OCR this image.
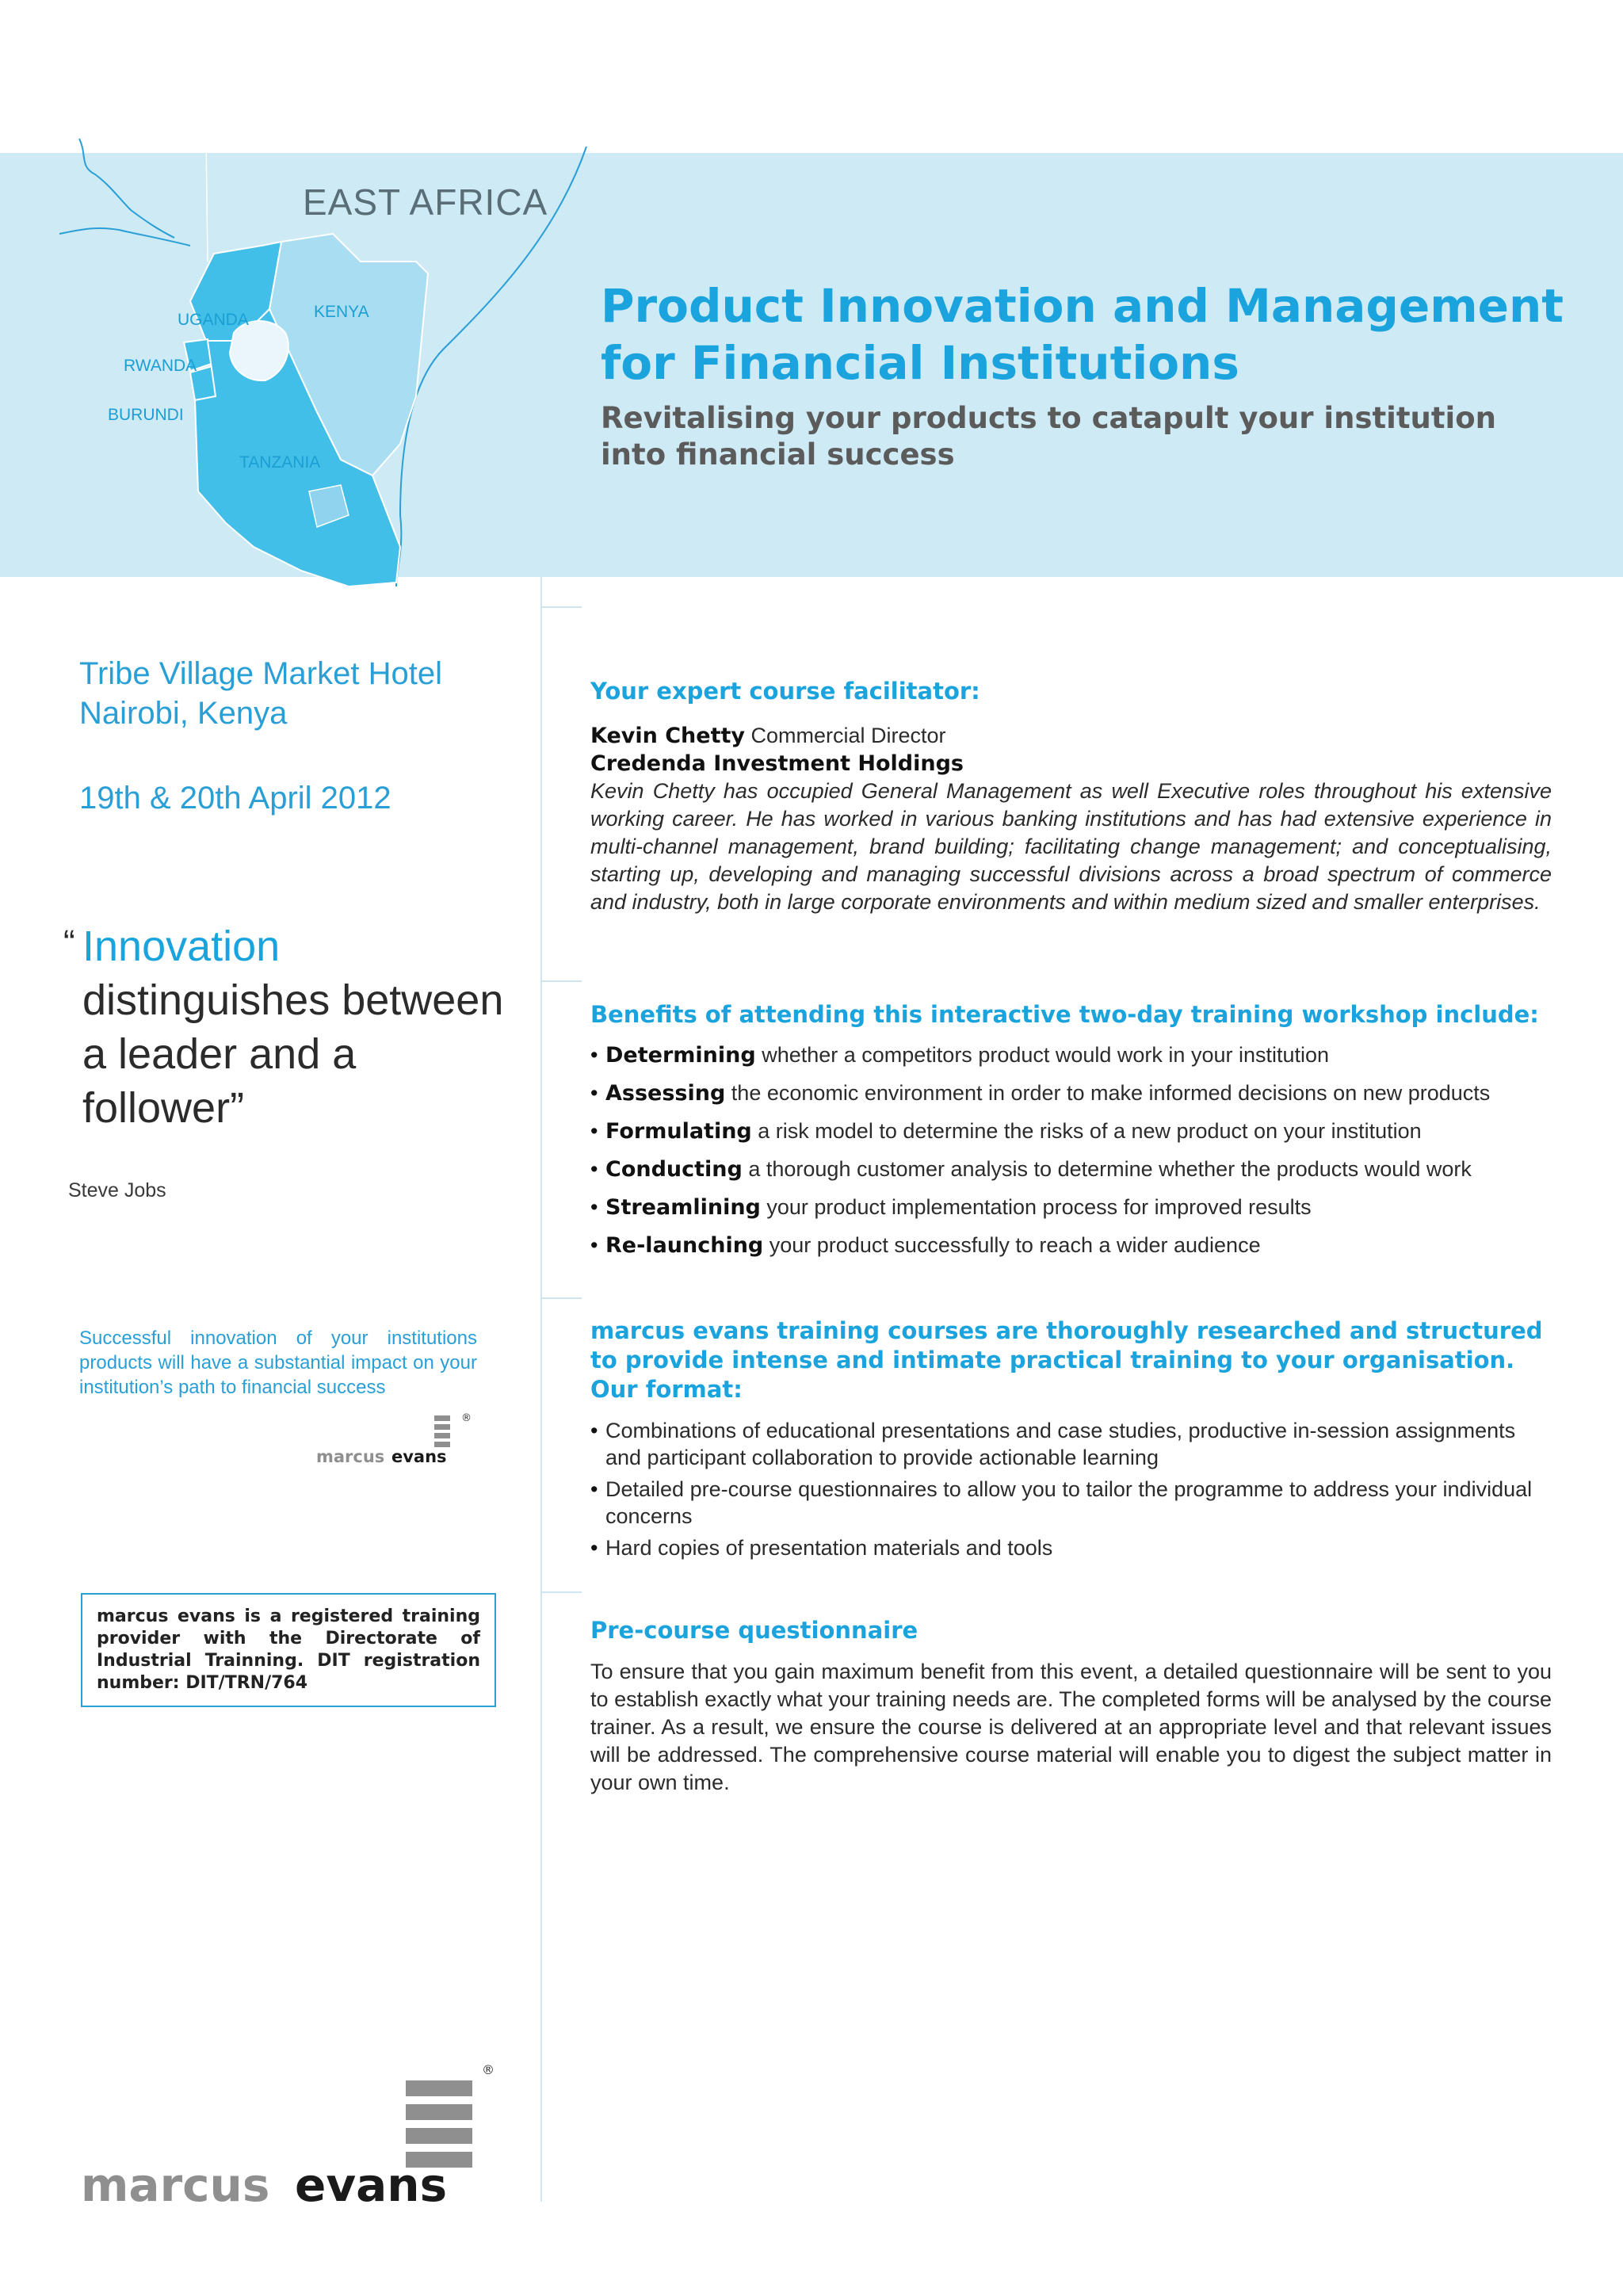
EAST AFRICA
UGANDA	KENYA
RWANDA
BURUNDI
TANZANIA
Product Innovation and Management
for Financial Institutions
Revitalising your products to catapult your institution into financial success
Tribe Village Market Hotel
Nairobi, Kenya
19th & 20th April 2012
“ Innovation
distinguishes between
a leader and a
follower”
Steve Jobs
Successful innovation of your institutions products will have a substantial impact on your institution’s path to financial success
®
marcus evans
marcus evans is a registered training provider with the Directorate of Industrial Trainning. DIT registration number: DIT/TRN/764
®
marcus evans
Your expert course facilitator:
Kevin Chetty Commercial Director
Credenda Investment Holdings
Kevin Chetty has occupied General Management as well Executive roles throughout his extensive working career. He has worked in various banking institutions and has had extensive experience in multi-channel management, brand building; facilitating change management; and conceptualising, starting up, developing and managing successful divisions across a broad spectrum of commerce and industry, both in large corporate environments and within medium sized and smaller enterprises.
Benefits of attending this interactive two-day training workshop include:
• Determining whether a competitors product would work in your institution
• Assessing the economic environment in order to make informed decisions on new products
• Formulating a risk model to determine the risks of a new product on your institution
• Conducting a thorough customer analysis to determine whether the products would work
• Streamlining your product implementation process for improved results
• Re-launching your product successfully to reach a wider audience
marcus evans training courses are thoroughly researched and structured
to provide intense and intimate practical training to your organisation.
Our format:
• Combinations of educational presentations and case studies, productive in-session assignments and participant collaboration to provide actionable learning
• Detailed pre-course questionnaires to allow you to tailor the programme to address your individual concerns
• Hard copies of presentation materials and tools
Pre-course questionnaire
To ensure that you gain maximum benefit from this event, a detailed questionnaire will be sent to you to establish exactly what your training needs are. The completed forms will be analysed by the course trainer. As a result, we ensure the course is delivered at an appropriate level and that relevant issues will be addressed. The comprehensive course material will enable you to digest the subject matter in your own time.
